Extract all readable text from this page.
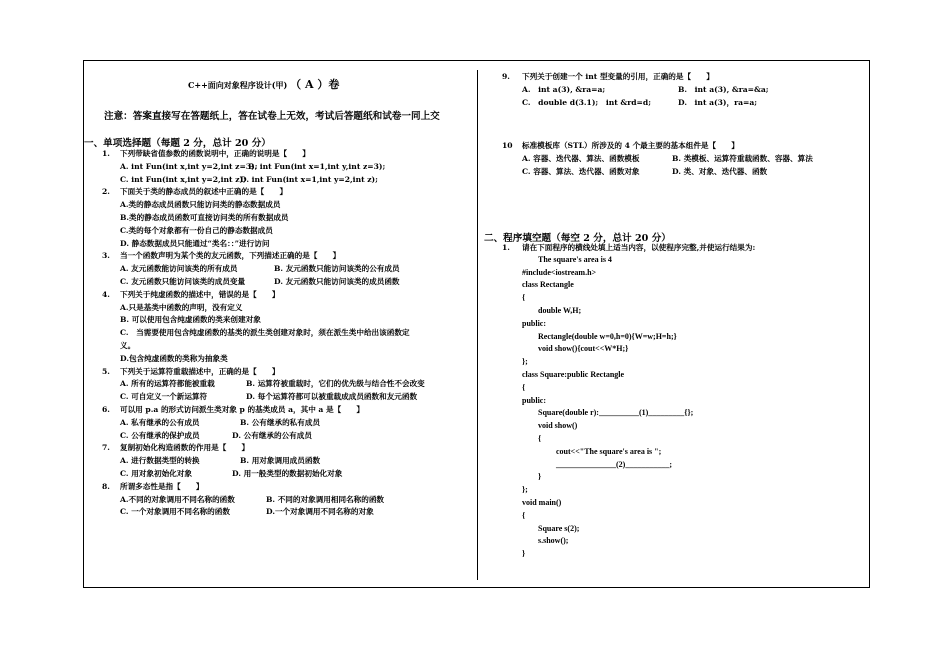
C++面向对象程序设计(甲) （ A ）卷
注意：答案直接写在答题纸上，答在试卷上无效，考试后答题纸和试卷一同上交
一、单项选择题（每题 2 分，总计 20 分）
1. 下列带缺省值参数的函数说明中，正确的说明是【　　】
A. int Fun(int x,int y=2,int z=3);
B. int Fun(int x=1,int y,int z=3);
C. int Fun(int x,int y=2,int z);
D. int Fun(int x=1,int y=2,int z);
2. 下面关于类的静态成员的叙述中正确的是【　　】
A.类的静态成员函数只能访问类的静态数据成员
B.类的静态成员函数可直接访问类的所有数据成员
C.类的每个对象都有一份自己的静态数据成员
D. 静态数据成员只能通过“类名：：”进行访问
3. 当一个函数声明为某个类的友元函数，下列描述正确的是【　　】
A. 友元函数能访问该类的所有成员	B. 友元函数只能访问该类的公有成员
C. 友元函数只能访问该类的成员变量	D. 友元函数只能访问该类的成员函数
4. 下列关于纯虚函数的描述中，错误的是【　　】
A.只是基类中函数的声明，没有定义
B. 可以使用包含纯虚函数的类来创建对象
C.　当需要使用包含纯虚函数的基类的派生类创建对象时，须在派生类中给出该函数定
义。
D.包含纯虚函数的类称为抽象类
5. 下列关于运算符重载描述中，正确的是【　　】
A. 所有的运算符都能被重载	B. 运算符被重载时，它们的优先级与结合性不会改变
C. 可自定义一个新运算符	D. 每个运算符都可以被重载成成员函数和友元函数
6. 可以用 p.a 的形式访问派生类对象 p 的基类成员 a，其中 a 是【　　】
A. 私有继承的公有成员	B. 公有继承的私有成员
C. 公有继承的保护成员	D. 公有继承的公有成员
7. 复制初始化构造函数的作用是【　　】
A. 进行数据类型的转换	B. 用对象调用成员函数
C. 用对象初始化对象	D. 用一般类型的数据初始化对象
8. 所谓多态性是指【　　】
A.不同的对象调用不同名称的函数	B. 不同的对象调用相同名称的函数
C. 一个对象调用不同名称的函数	D.一个对象调用不同名称的对象
9. 下列关于创建一个 int 型变量的引用，正确的是【　　】
A.　int a(3), &ra=a;	B.　int a(3), &ra=&a;
C.　double d(3.1);　int &rd=d;	D.　int a(3)，ra=a;
10 标准模板库（STL）所涉及的 4 个最主要的基本组件是【　　】
A. 容器、迭代器、算法、函数模板	B. 类模板、运算符重载函数、容器、算法
C. 容器、算法、迭代器、函数对象	D. 类、对象、迭代器、函数
二、程序填空题（每空 2 分，总计 20 分）
1. 请在下面程序的横线处填上适当内容，以使程序完整,并使运行结果为:
The square's area is 4
#include<iostream.h>
class Rectangle
{
double W,H;
public:
Rectangle(double w=0,h=0){W=w;H=h;}
void show(){cout<<W*H;}
};
class Square:public Rectangle
{
public:
Square(double r):__________(1)_________{};
void show()
{
cout<<"The square's area is ";
_______________(2)___________;
}
};
void main()
{
Square s(2);
s.show();
}
